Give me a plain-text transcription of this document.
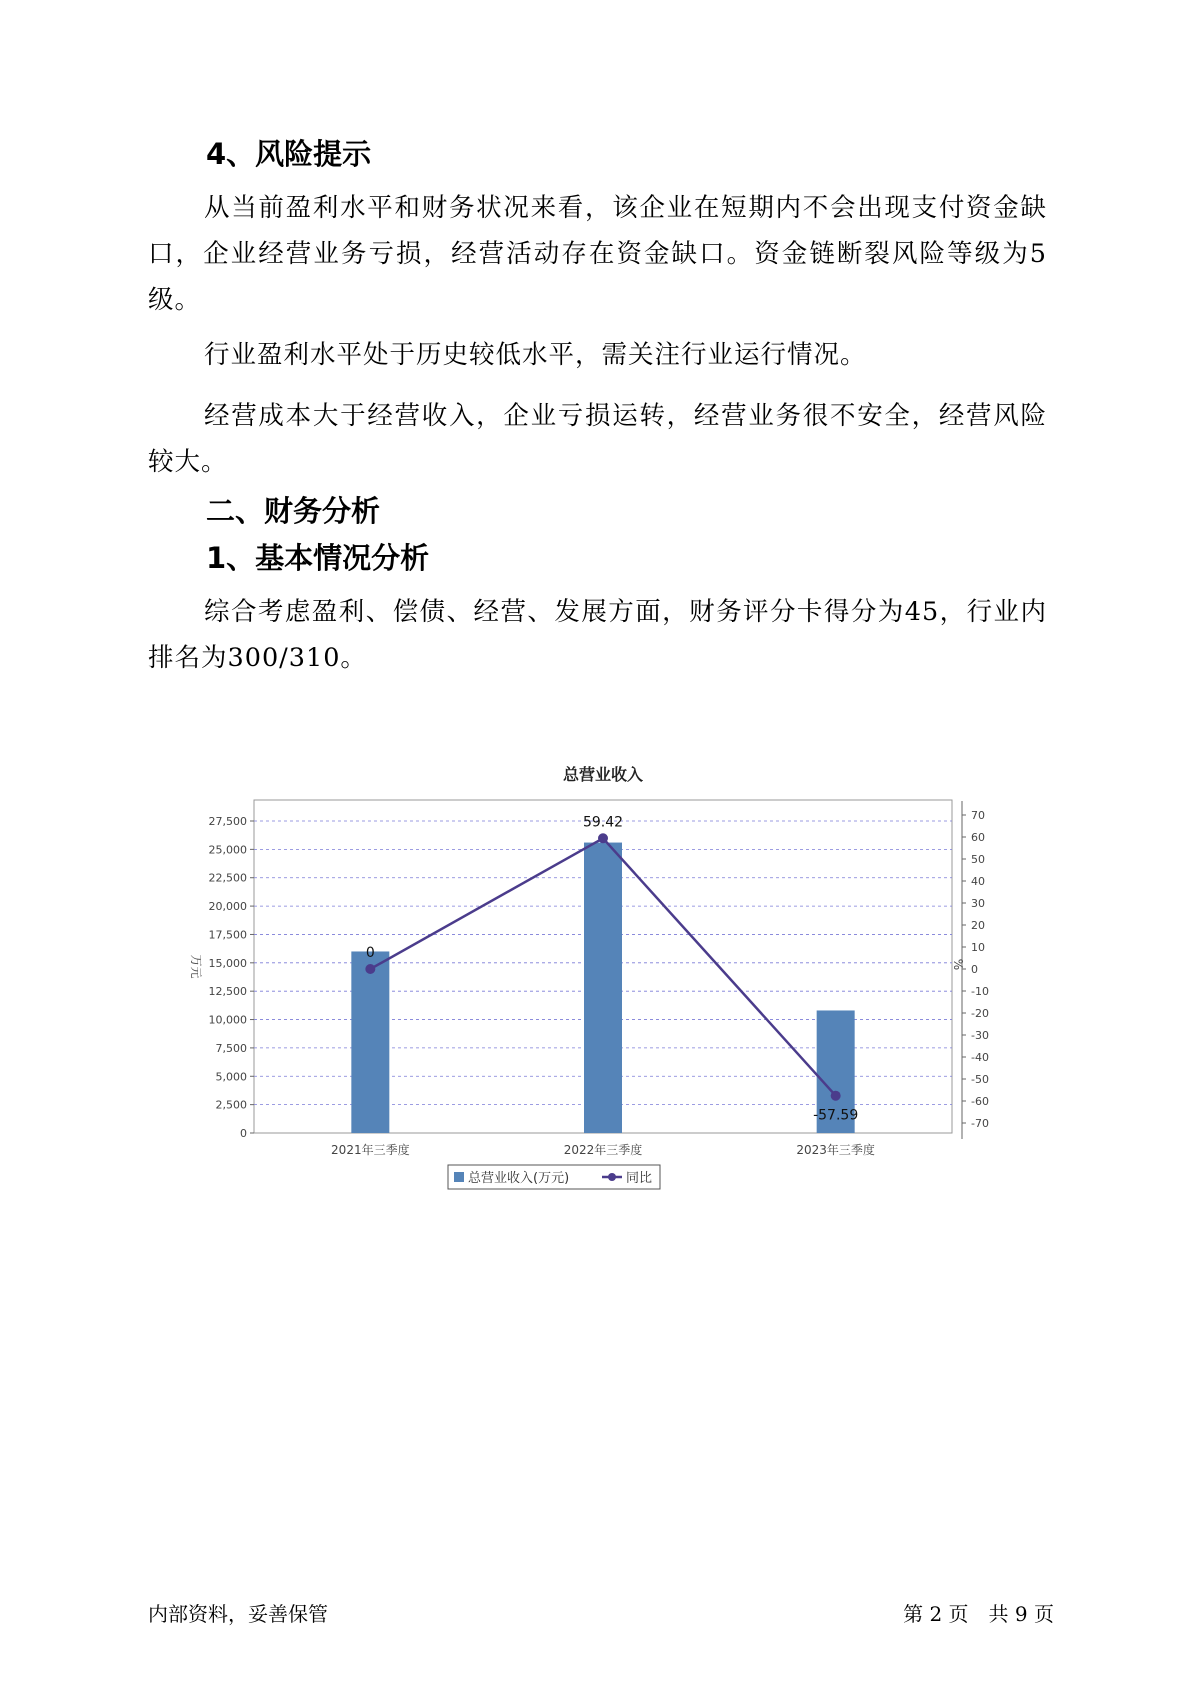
4、风险提示

从当前盈利水平和财务状况来看，该企业在短期内不会出现支付资金缺口，企业经营业务亏损，经营活动存在资金缺口。资金链断裂风险等级为5级。

行业盈利水平处于历史较低水平，需关注行业运行情况。

经营成本大于经营收入，企业亏损运转，经营业务很不安全，经营风险较大。

二、财务分析
1、基本情况分析

综合考虑盈利、偿债、经营、发展方面，财务评分卡得分为45，行业内排名为300/310。

总营业收入
0
2,500
5,000
7,500
10,000
12,500
15,000
17,500
20,000
22,500
25,000
27,500
万元
-70
-60
-50
-40
-30
-20
-10
0
10
20
30
40
50
60
70
%
2021年三季度	2022年三季度	2023年三季度
0
59.42
-57.59
总营业收入(万元)	同比
内部资料，妥善保管	第 2 页　共 9 页
